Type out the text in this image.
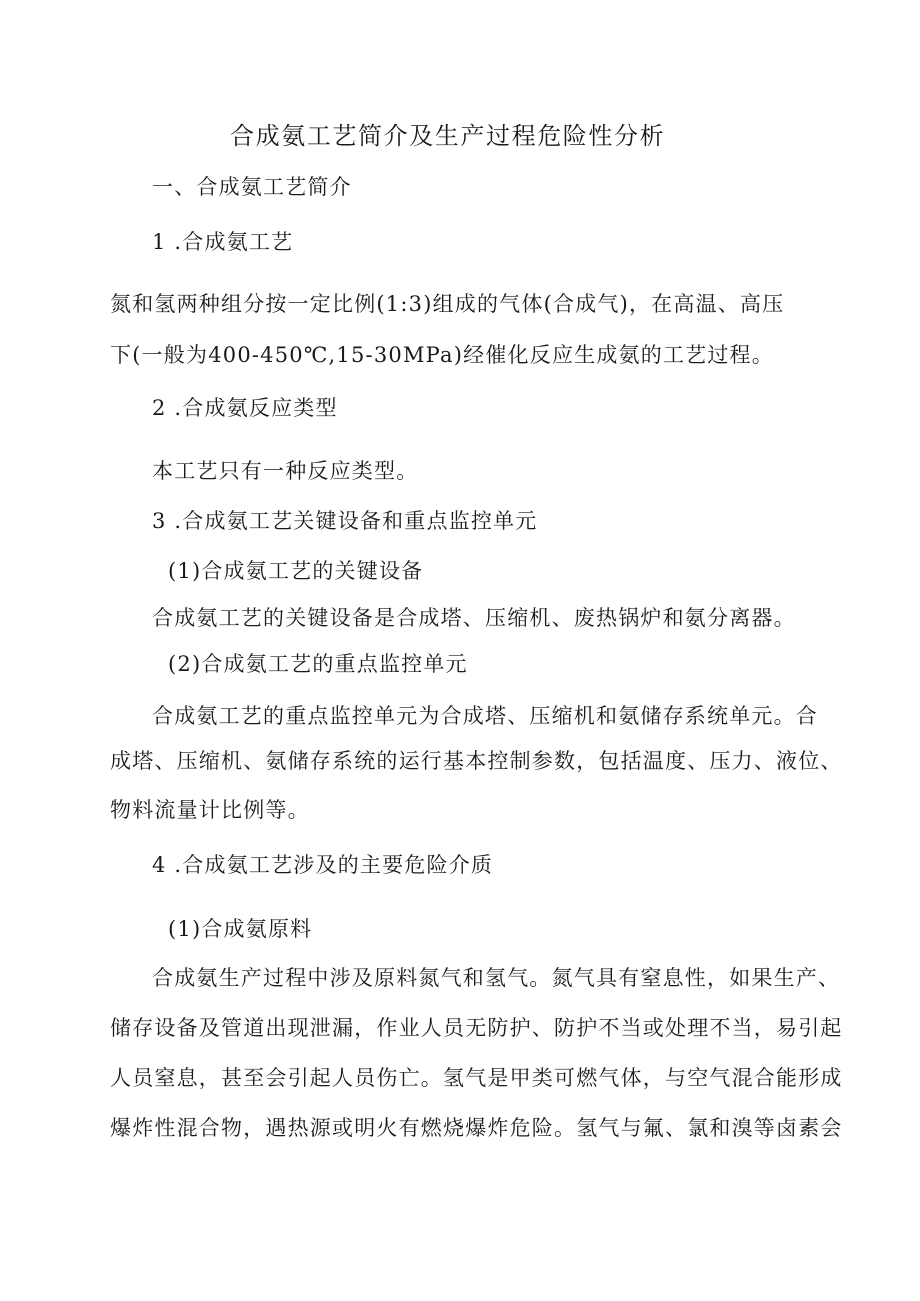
合成氨工艺简介及生产过程危险性分析
一、合成氨工艺简介
1 .合成氨工艺
氮和氢两种组分按一定比例(1:3)组成的气体(合成气)，在高温、高压
下(一般为400-450℃,15-30MPa)经催化反应生成氨的工艺过程。
2 .合成氨反应类型
本工艺只有一种反应类型。
3 .合成氨工艺关键设备和重点监控单元
(1)合成氨工艺的关键设备
合成氨工艺的关键设备是合成塔、压缩机、废热锅炉和氨分离器。
(2)合成氨工艺的重点监控单元
合成氨工艺的重点监控单元为合成塔、压缩机和氨储存系统单元。合
成塔、压缩机、氨储存系统的运行基本控制参数，包括温度、压力、液位、
物料流量计比例等。
4 .合成氨工艺涉及的主要危险介质
(1)合成氨原料
合成氨生产过程中涉及原料氮气和氢气。氮气具有窒息性，如果生产、
储存设备及管道出现泄漏，作业人员无防护、防护不当或处理不当，易引起
人员窒息，甚至会引起人员伤亡。氢气是甲类可燃气体，与空气混合能形成
爆炸性混合物，遇热源或明火有燃烧爆炸危险。氢气与氟、氯和溴等卤素会
